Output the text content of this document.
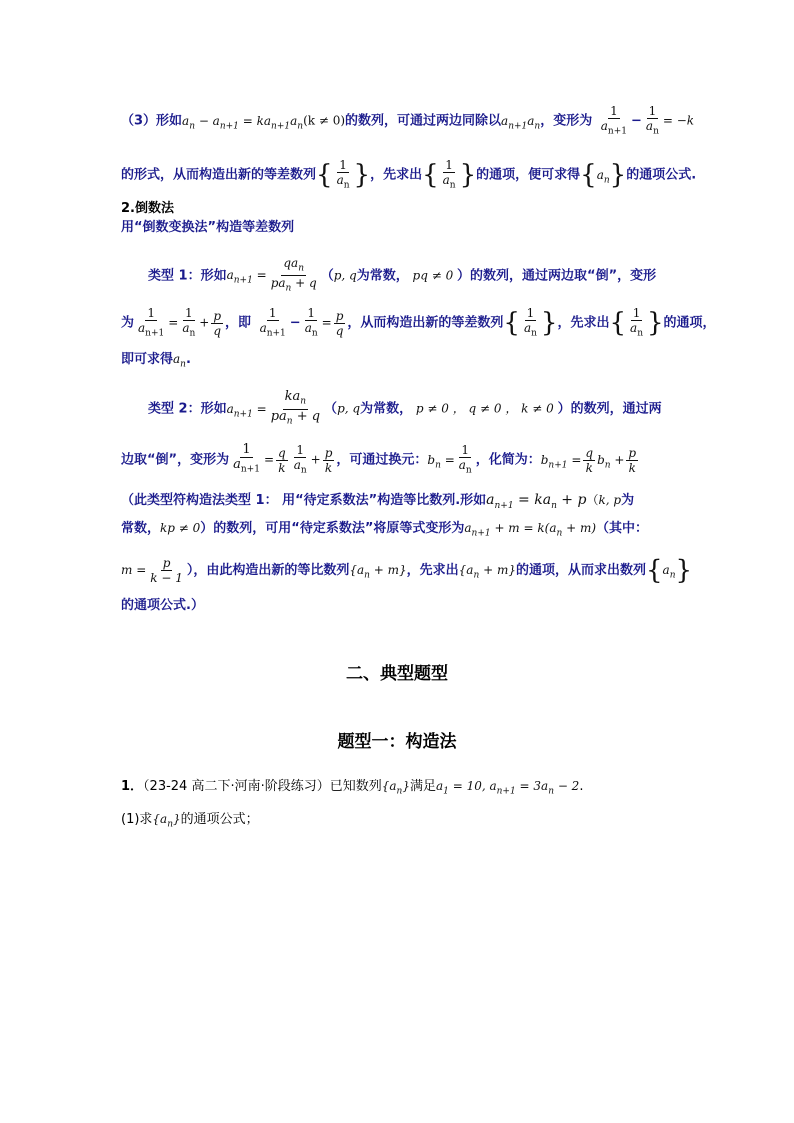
（3）形如$a_n - a_{n+1} = ka_{n+1}a_n(k \ne 0)$的数列，可通过两边同除以$a_{n+1}a_n$，变形为 $\frac{1}{a_{n+1}} - \frac{1}{a_n} = -k$
的形式，从而构造出新的等差数列{ $\frac{1}{a_n}$ }，先求出{ $\frac{1}{a_n}$ }的通项，便可求得$\{a_n\}$的通项公式.
2.倒数法
用“倒数变换法”构造等差数列
类型 1：形如$a_{n+1} = \frac{qa_n}{pa_n + q} (p$, q为常数， pq ≠ 0 ）的数列，通过两边取“倒”，变形
为 $\frac{1}{a_{n+1}} = \frac{1}{a_n} + \frac{p}{q}$ ，即 $\frac{1}{a_{n+1}} - \frac{1}{a_n} = \frac{p}{q}$ ，从而构造出新的等差数列{ $\frac{1}{a_n}$ }，先求出{ $\frac{1}{a_n}$ }的通项，
即可求得$a_n$.
类型 2：形如$a_{n+1} = \frac{ka_n}{pa_n + q} (p$, q为常数， p ≠ 0 ， q ≠ 0 ， k ≠ 0 ）的数列，通过两
边取“倒”，变形为 $\frac{1}{a_{n+1}} = \frac{q}{k} \frac{1}{a_n} + \frac{p}{k}$ ，可通过换元：$b_n = \frac{1}{a_n}$ ，化简为：$b_{n+1} = \frac{q}{k} b_n + \frac{p}{k}$
（此类型符构造法类型 1： 用“待定系数法”构造等比数列.形如$a_{n+1} = ka_n + p(k$, p为
常数，kp ≠ 0）的数列，可用“待定系数法”将原等式变形为$a_{n+1} + m = k(a_n + m)$（其中：
$m = \frac{p}{k - 1}$ ），由此构造出新的等比数列$\{a_n + m\}$，先求出$\{a_n + m\}$的通项，从而求出数列$\{a_n\}$
的通项公式.）
二、典型题型
题型一：构造法
1．（23-24 高二下·河南·阶段练习）已知数列$\{a_n\}$满足$a_1 = 10$, $a_{n+1} = 3a_n - 2$.
(1)求$\{a_n\}$的通项公式；
